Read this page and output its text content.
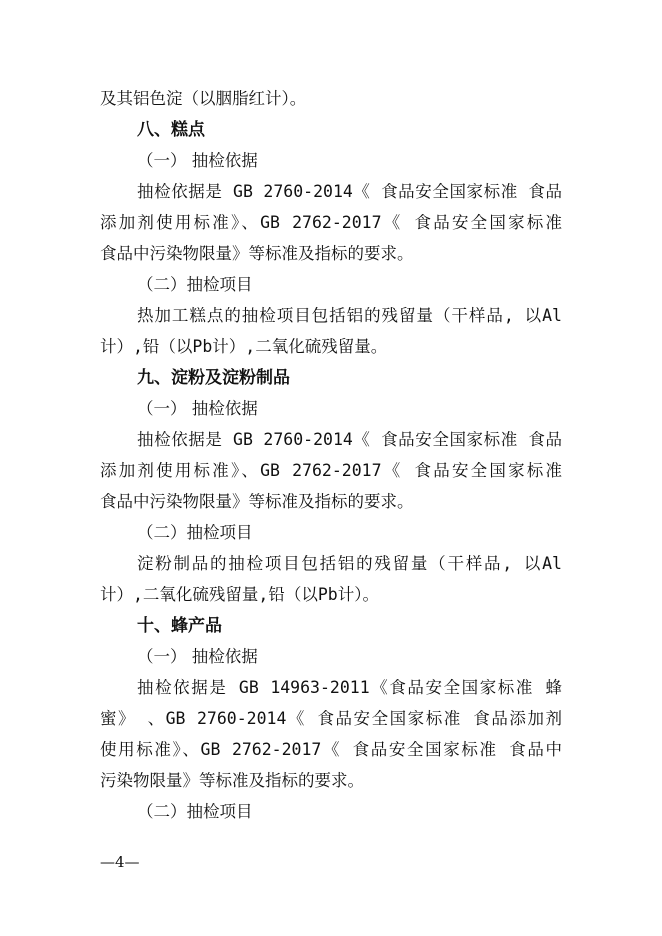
及其铝色淀（以胭脂红计）。
八、糕点
（一） 抽检依据
抽检依据是 GB 2760-2014《 食品安全国家标准 食品
添加剂使用标准》、GB 2762-2017《 食品安全国家标准
食品中污染物限量》等标准及指标的要求。
（二）抽检项目
热加工糕点的抽检项目包括铝的残留量（干样品, 以Al
计）,铅（以Pb计）,二氧化硫残留量。
九、淀粉及淀粉制品
（一） 抽检依据
抽检依据是 GB 2760-2014《 食品安全国家标准 食品
添加剂使用标准》、GB 2762-2017《 食品安全国家标准
食品中污染物限量》等标准及指标的要求。
（二）抽检项目
淀粉制品的抽检项目包括铝的残留量（干样品, 以Al
计）,二氧化硫残留量,铅（以Pb计）。
十、蜂产品
（一） 抽检依据
抽检依据是 GB 14963-2011《食品安全国家标准 蜂
蜜》 、GB 2760-2014《 食品安全国家标准 食品添加剂
使用标准》、GB 2762-2017《 食品安全国家标准 食品中
污染物限量》等标准及指标的要求。
（二）抽检项目
—4—
